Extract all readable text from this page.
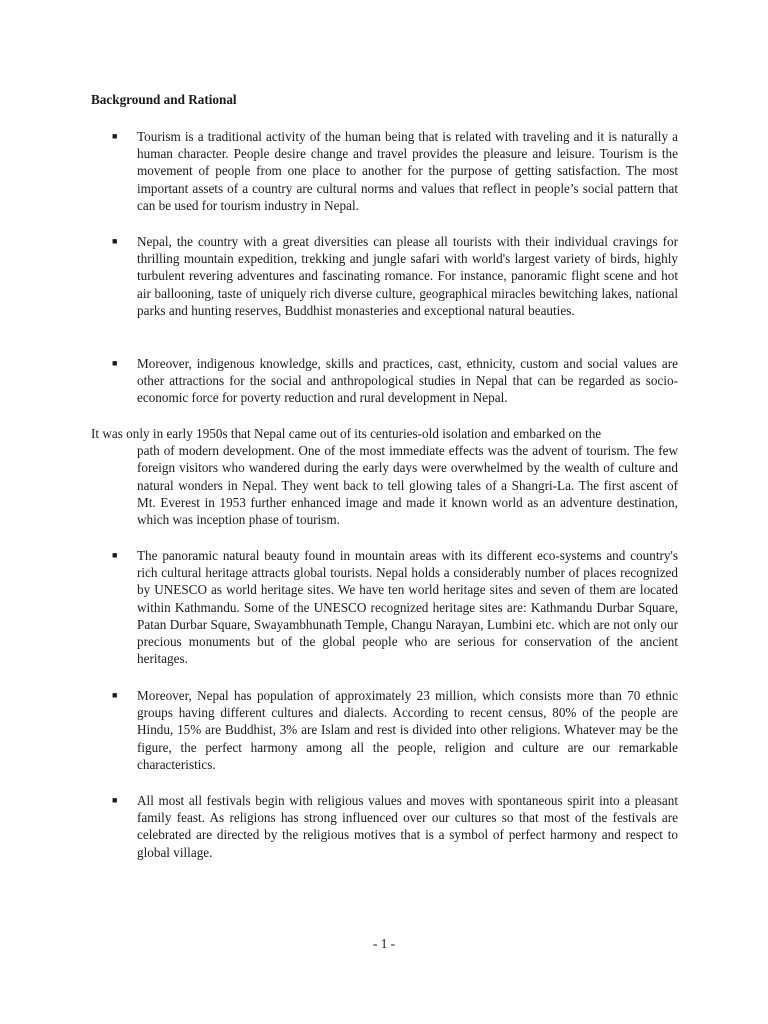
Background and Rational
■	Tourism is a traditional activity of the human being that is related with traveling and it is naturally a human character. People desire change and travel provides the pleasure and leisure. Tourism is the movement of people from one place to another for the purpose of getting satisfaction. The most important assets of a country are cultural norms and values that reflect in people’s social pattern that can be used for tourism industry in Nepal.

■	Nepal, the country with a great diversities can please all tourists with their individual cravings for thrilling mountain expedition, trekking and jungle safari with world's largest variety of birds, highly turbulent revering adventures and fascinating romance. For instance, panoramic flight scene and hot air ballooning, taste of uniquely rich diverse culture, geographical miracles bewitching lakes, national parks and hunting reserves, Buddhist monasteries and exceptional natural beauties.

■	Moreover, indigenous knowledge, skills and practices, cast, ethnicity, custom and social values are other attractions for the social and anthropological studies in Nepal that can be regarded as socio-economic force for poverty reduction and rural development in Nepal.

It was only in early 1950s that Nepal came out of its centuries-old isolation and embarked on the
path of modern development. One of the most immediate effects was the advent of tourism. The few foreign visitors who wandered during the early days were overwhelmed by the wealth of culture and natural wonders in Nepal. They went back to tell glowing tales of a Shangri-La. The first ascent of Mt. Everest in 1953 further enhanced image and made it known world as an adventure destination, which was inception phase of tourism.

■	The panoramic natural beauty found in mountain areas with its different eco-systems and country's rich cultural heritage attracts global tourists. Nepal holds a considerably number of places recognized by UNESCO as world heritage sites. We have ten world heritage sites and seven of them are located within Kathmandu. Some of the UNESCO recognized heritage sites are: Kathmandu Durbar Square, Patan Durbar Square, Swayambhunath Temple, Changu Narayan, Lumbini etc. which are not only our precious monuments but of the global people who are serious for conservation of the ancient heritages.

■	Moreover, Nepal has population of approximately 23 million, which consists more than 70 ethnic groups having different cultures and dialects. According to recent census, 80% of the people are Hindu, 15% are Buddhist, 3% are Islam and rest is divided into other religions. Whatever may be the figure, the perfect harmony among all the people, religion and culture are our remarkable characteristics.

■	All most all festivals begin with religious values and moves with spontaneous spirit into a pleasant family feast. As religions has strong influenced over our cultures so that most of the festivals are celebrated are directed by the religious motives that is a symbol of perfect harmony and respect to global village.

- 1 -
